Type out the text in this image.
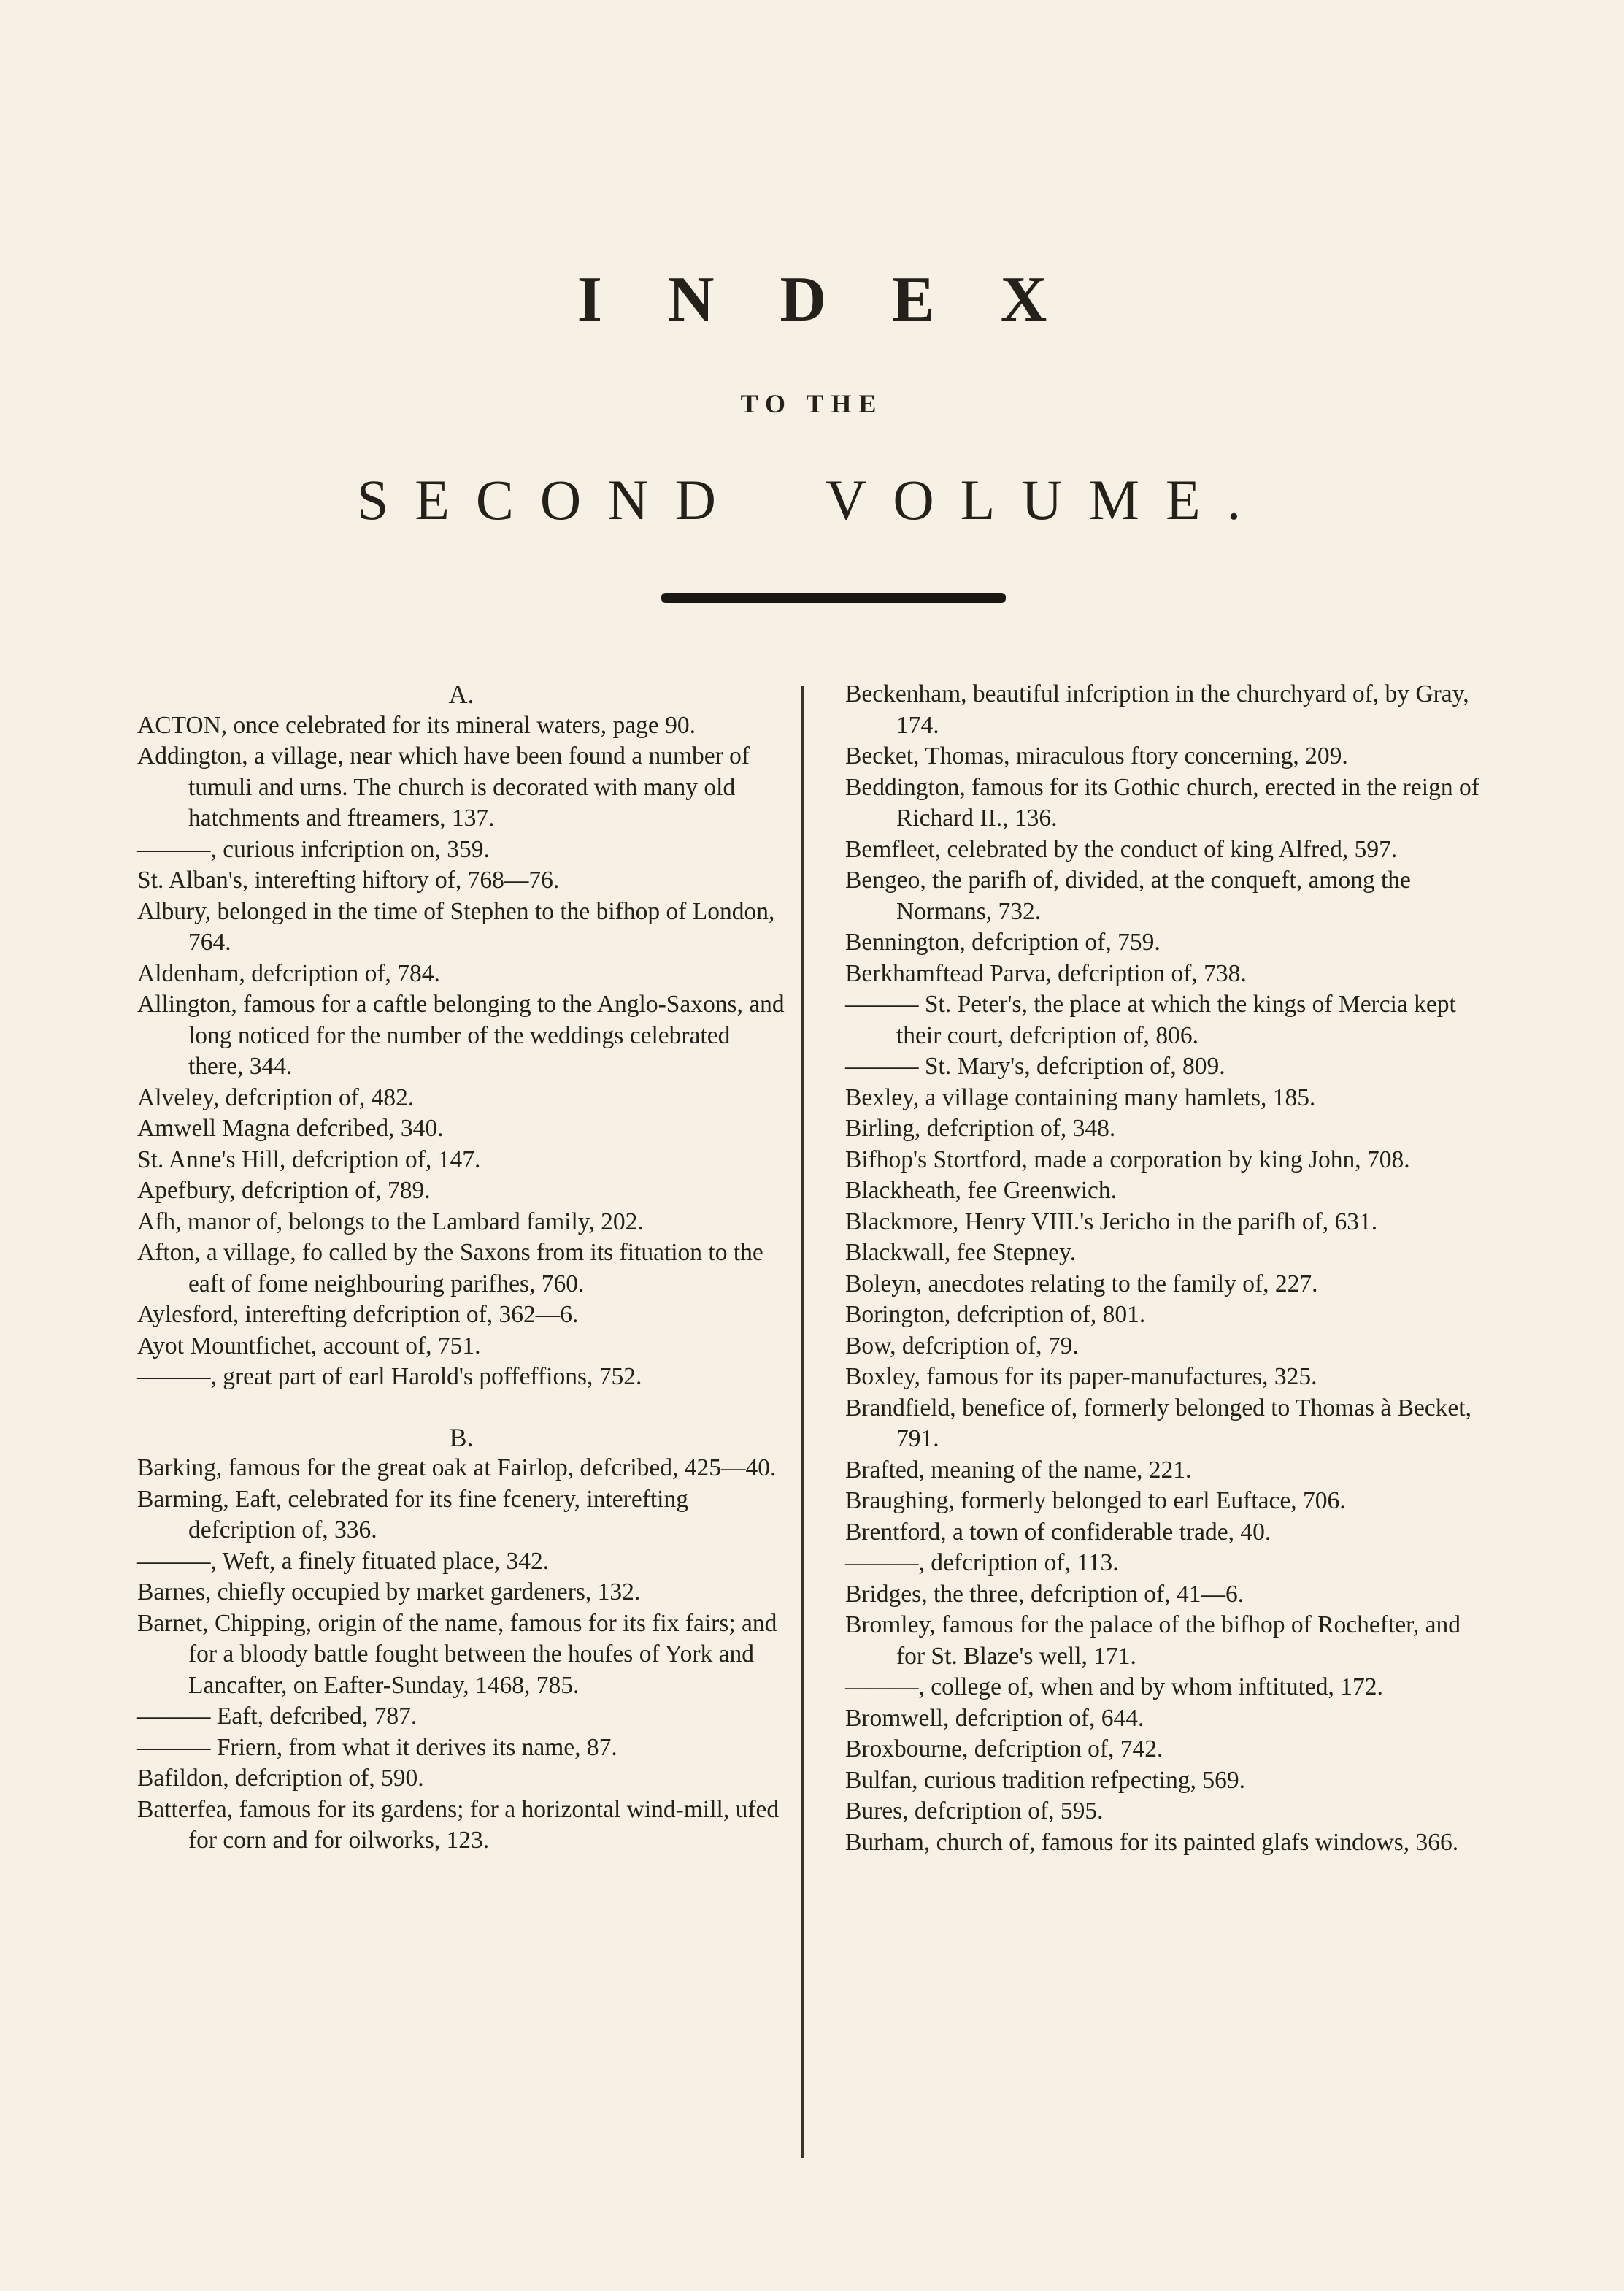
I N D E X
TO THE
SECOND VOLUME.
A.
ACTON, once celebrated for its mineral waters, page 90.
Addington, a village, near which have been found a number of tumuli and urns. The church is decorated with many old hatchments and ftreamers, 137.
———, curious infcription on, 359.
St. Alban's, interefting hiftory of, 768—76.
Albury, belonged in the time of Stephen to the bifhop of London, 764.
Aldenham, defcription of, 784.
Allington, famous for a caftle belonging to the Anglo-Saxons, and long noticed for the number of the weddings celebrated there, 344.
Alveley, defcription of, 482.
Amwell Magna defcribed, 340.
St. Anne's Hill, defcription of, 147.
Apefbury, defcription of, 789.
Afh, manor of, belongs to the Lambard family, 202.
Afton, a village, fo called by the Saxons from its fituation to the eaft of fome neighbouring parifhes, 760.
Aylesford, interefting defcription of, 362—6.
Ayot Mountfichet, account of, 751.
———, great part of earl Harold's poffeffions, 752.
B.
Barking, famous for the great oak at Fairlop, defcribed, 425—40.
Barming, Eaft, celebrated for its fine fcenery, interefting defcription of, 336.
———, Weft, a finely fituated place, 342.
Barnes, chiefly occupied by market gardeners, 132.
Barnet, Chipping, origin of the name, famous for its fix fairs; and for a bloody battle fought between the houfes of York and Lancafter, on Eafter-Sunday, 1468, 785.
——— Eaft, defcribed, 787.
——— Friern, from what it derives its name, 87.
Bafildon, defcription of, 590.
Batterfea, famous for its gardens; for a horizontal wind-mill, ufed for corn and for oilworks, 123.
Beckenham, beautiful infcription in the churchyard of, by Gray, 174.
Becket, Thomas, miraculous ftory concerning, 209.
Beddington, famous for its Gothic church, erected in the reign of Richard II., 136.
Bemfleet, celebrated by the conduct of king Alfred, 597.
Bengeo, the parifh of, divided, at the conqueft, among the Normans, 732.
Bennington, defcription of, 759.
Berkhamftead Parva, defcription of, 738.
——— St. Peter's, the place at which the kings of Mercia kept their court, defcription of, 806.
——— St. Mary's, defcription of, 809.
Bexley, a village containing many hamlets, 185.
Birling, defcription of, 348.
Bifhop's Stortford, made a corporation by king John, 708.
Blackheath, fee Greenwich.
Blackmore, Henry VIII.'s Jericho in the parifh of, 631.
Blackwall, fee Stepney.
Boleyn, anecdotes relating to the family of, 227.
Borington, defcription of, 801.
Bow, defcription of, 79.
Boxley, famous for its paper-manufactures, 325.
Brandfield, benefice of, formerly belonged to Thomas à Becket, 791.
Brafted, meaning of the name, 221.
Braughing, formerly belonged to earl Euftace, 706.
Brentford, a town of confiderable trade, 40.
———, defcription of, 113.
Bridges, the three, defcription of, 41—6.
Bromley, famous for the palace of the bifhop of Rochefter, and for St. Blaze's well, 171.
———, college of, when and by whom inftituted, 172.
Bromwell, defcription of, 644.
Broxbourne, defcription of, 742.
Bulfan, curious tradition refpecting, 569.
Bures, defcription of, 595.
Burham, church of, famous for its painted glafs windows, 366.
